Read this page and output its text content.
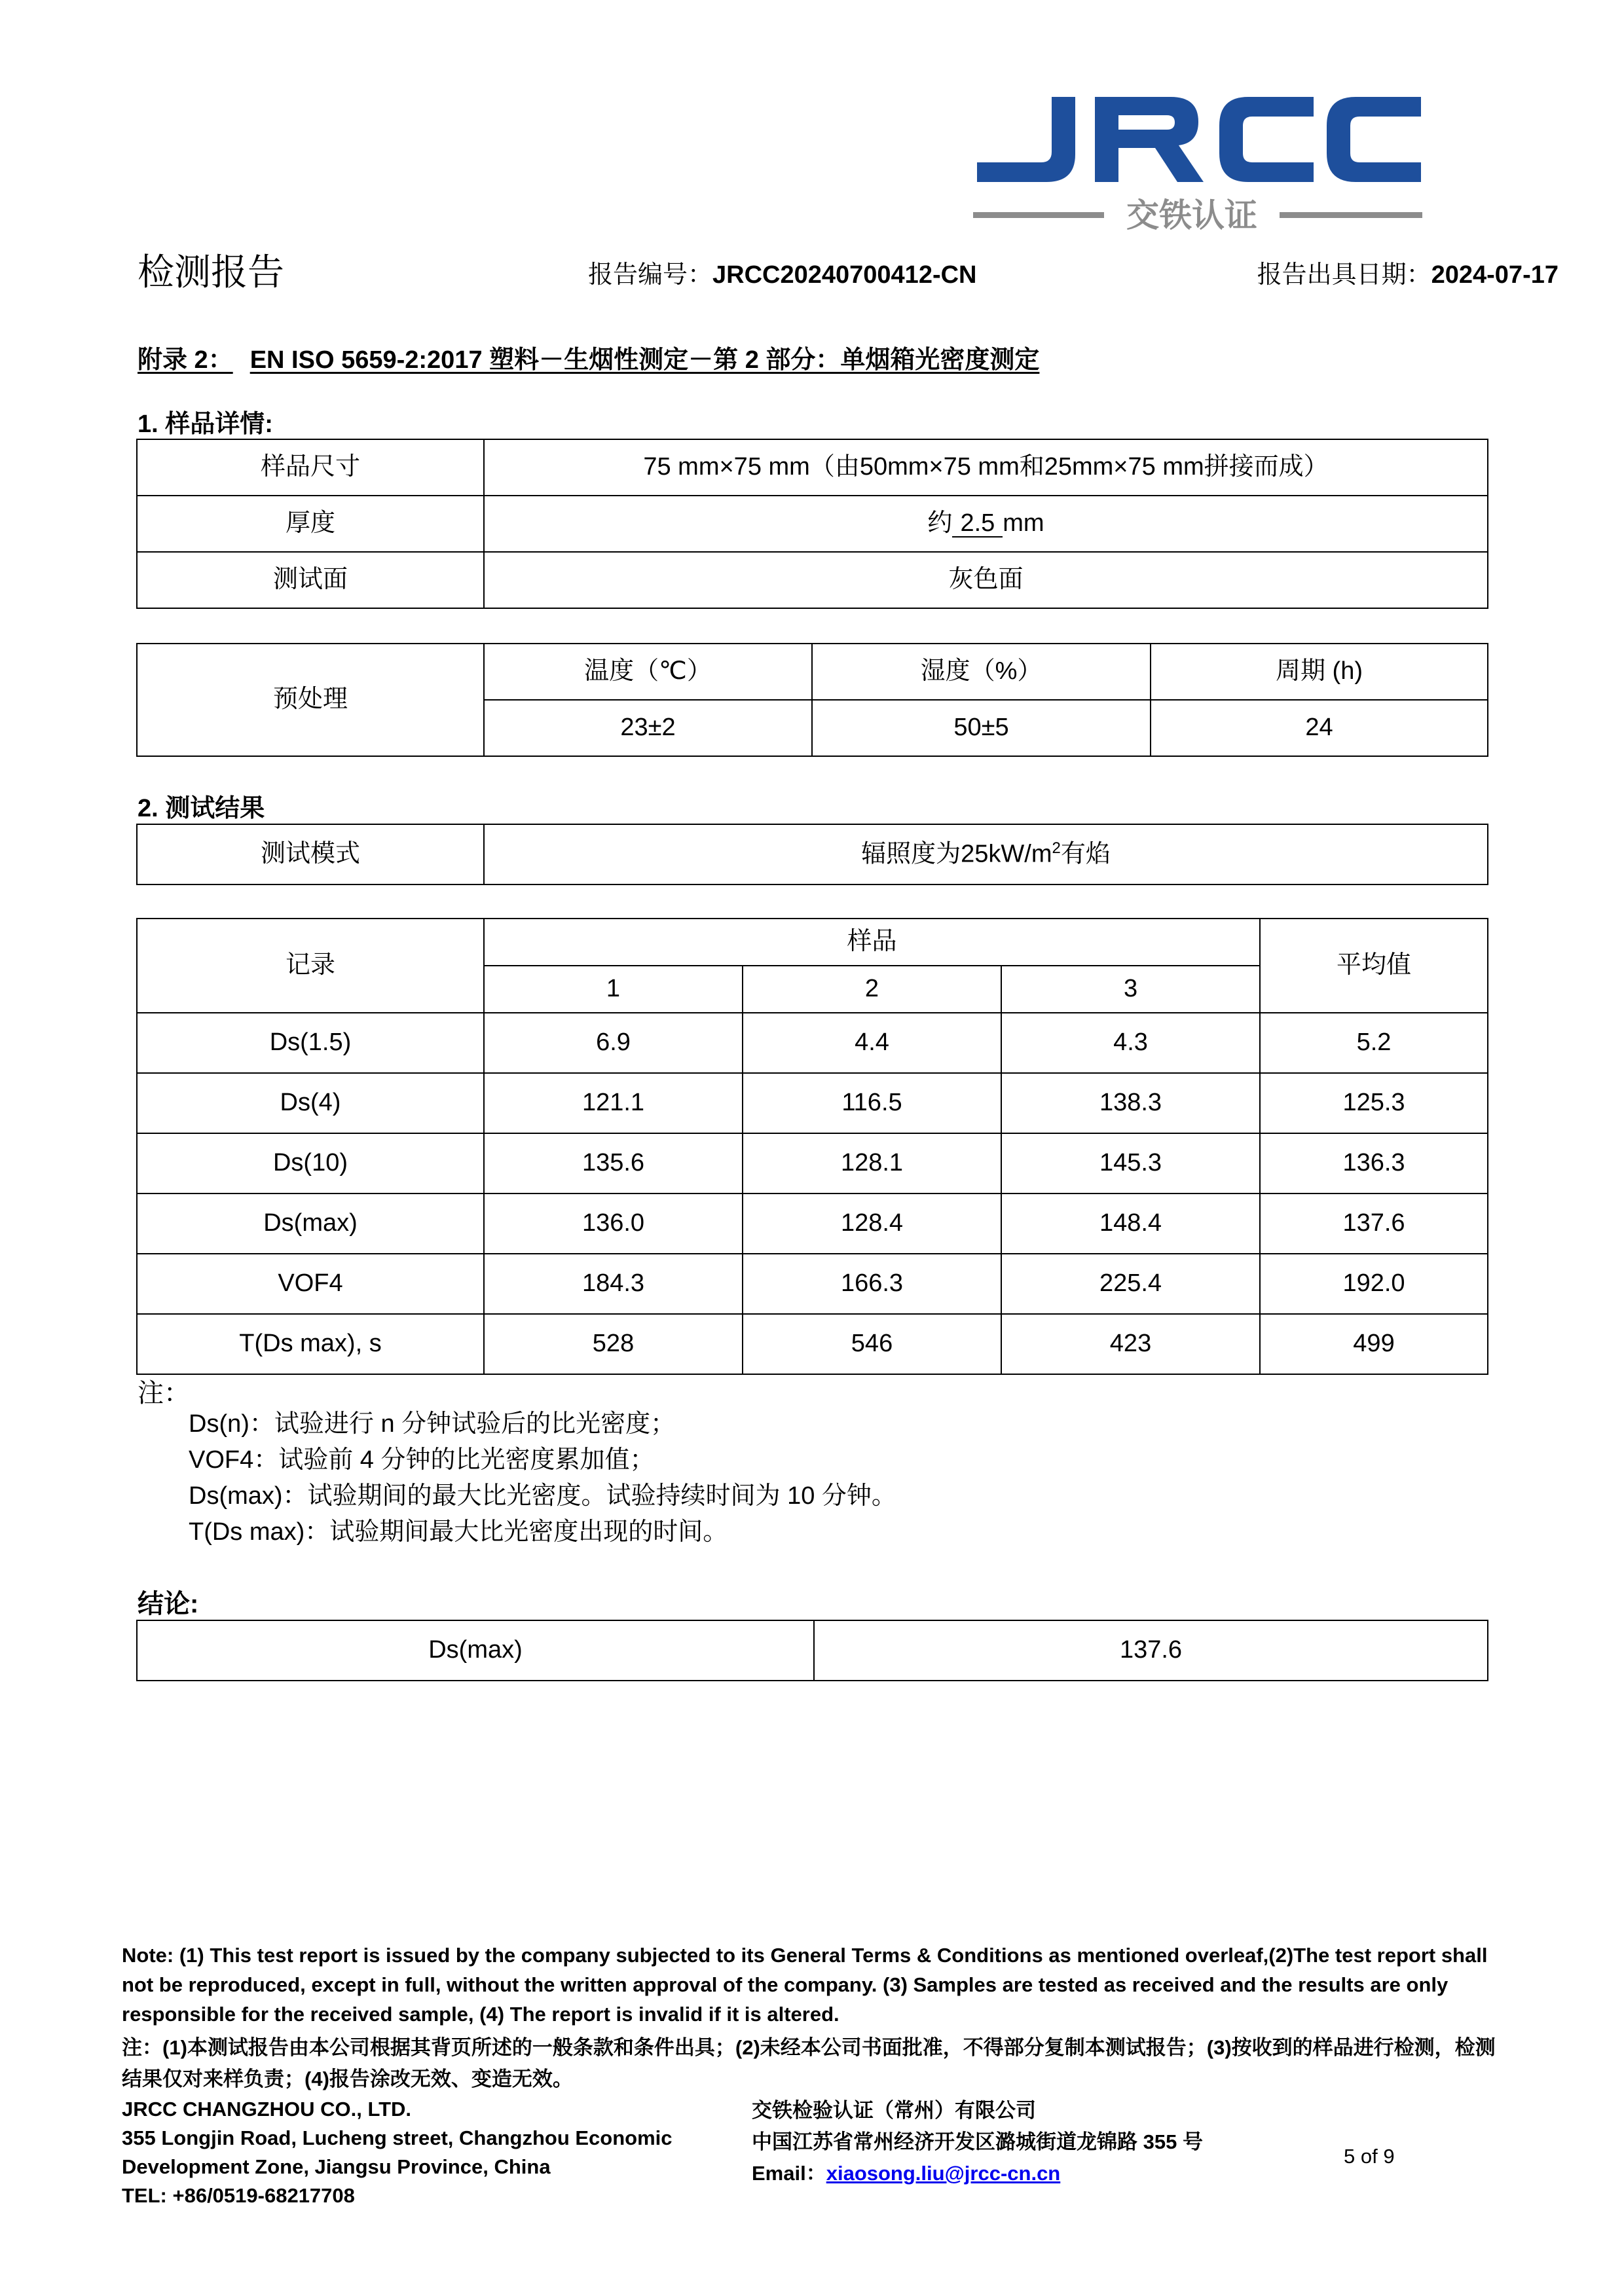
交铁认证
检测报告	报告编号：JRCC20240700412-CN	报告出具日期：2024-07-17
附录 2： EN ISO 5659-2:2017 塑料－生烟性测定－第 2 部分：单烟箱光密度测定
1. 样品详情:
样品尺寸	75 mm×75 mm（由50mm×75 mm和25mm×75 mm拼接而成）
厚度	约 2.5 mm
测试面	灰色面
预处理	温度（℃）	湿度（%）	周期 (h)
	23±2	50±5	24
2. 测试结果
测试模式	辐照度为$25kW/m^2$有焰
记录	样品			平均值
	1	2	3	
Ds(1.5)	6.9	4.4	4.3	5.2
Ds(4)	121.1	116.5	138.3	125.3
Ds(10)	135.6	128.1	145.3	136.3
Ds(max)	136.0	128.4	148.4	137.6
VOF4	184.3	166.3	225.4	192.0
T(Ds max), s	528	546	423	499
注：
Ds(n)：试验进行 n 分钟试验后的比光密度；
VOF4：试验前 4 分钟的比光密度累加值；
Ds(max)：试验期间的最大比光密度。试验持续时间为 10 分钟。
T(Ds max)：试验期间最大比光密度出现的时间。
结论:
Ds(max)	137.6
Note: (1) This test report is issued by the company subjected to its General Terms & Conditions as mentioned overleaf,(2)The test report shall not be reproduced, except in full, without the written approval of the company. (3) Samples are tested as received and the results are only responsible for the received sample, (4) The report is invalid if it is altered.
注：(1)本测试报告由本公司根据其背页所述的一般条款和条件出具；(2)未经本公司书面批准，不得部分复制本测试报告；(3)按收到的样品进行检测，检测结果仅对来样负责；(4)报告涂改无效、变造无效。
JRCC CHANGZHOU CO., LTD.
355 Longjin Road, Lucheng street, Changzhou Economic Development Zone, Jiangsu Province, China
TEL: +86/0519-68217708
交铁检验认证（常州）有限公司
中国江苏省常州经济开发区潞城街道龙锦路 355 号
Email：xiaosong.liu@jrcc-cn.cn
5 of 9
